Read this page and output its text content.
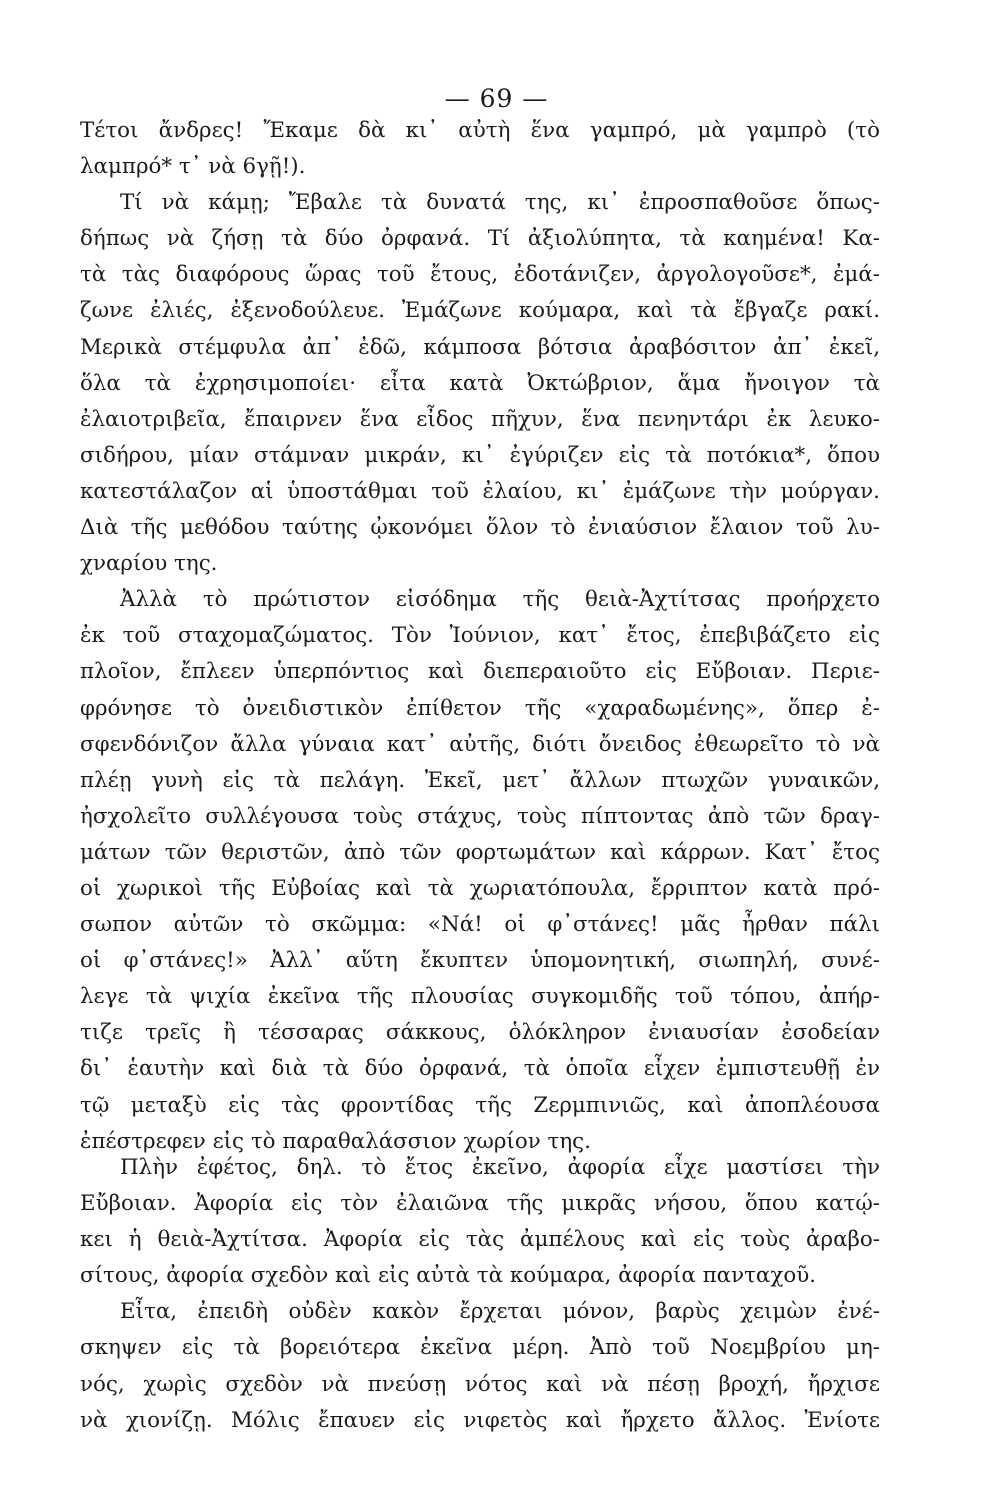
— 69 —
Τέτοι ἄνδρες! Ἔκαμε δὰ κι᾽ αὐτὴ ἕνα γαμπρό, μὰ γαμπρὸ (τὸ
λαμπρό* τ᾽ νὰ 6γῇ!).
Τί νὰ κάμῃ; Ἔβαλε τὰ δυνατά της, κι᾽ ἐπροσπαθοῦσε ὅπως-
δήπως νὰ ζήσῃ τὰ δύο ὀρφανά. Τί ἀξιολύπητα, τὰ καημένα! Κα-
τὰ τὰς διαφόρους ὥρας τοῦ ἔτους, ἐδοτάνιζεν, ἀργολογοῦσε*, ἐμά-
ζωνε ἐλιές, ἐξενοδούλευε. Ἐμάζωνε κούμαρα, καὶ τὰ ἔβγαζε ρακί.
Μερικὰ στέμφυλα ἀπ᾽ ἐδῶ, κάμποσα βότσια ἀραβόσιτον ἀπ᾽ ἐκεῖ,
ὅλα τὰ ἐχρησιμοποίει· εἶτα κατὰ Ὀκτώβριον, ἅμα ἤνοιγον τὰ
ἐλαιοτριβεῖα, ἔπαιρνεν ἕνα εἶδος πῆχυν, ἕνα πενηντάρι ἐκ λευκο-
σιδήρου, μίαν στάμναν μικράν, κι᾽ ἐγύριζεν εἰς τὰ ποτόκια*, ὅπου
κατεστάλαζον αἱ ὑποστάθμαι τοῦ ἐλαίου, κι᾽ ἐμάζωνε τὴν μούργαν.
Διὰ τῆς μεθόδου ταύτης ᾠκονόμει ὅλον τὸ ἐνιαύσιον ἔλαιον τοῦ λυ-
χναρίου της.
Ἀλλὰ τὸ πρώτιστον εἰσόδημα τῆς θειὰ-Ἀχτίτσας προήρχετο
ἐκ τοῦ σταχομαζώματος. Τὸν Ἰούνιον, κατ᾽ ἔτος, ἐπεβιβάζετο εἰς
πλοῖον, ἔπλεεν ὑπερπόντιος καὶ διεπεραιοῦτο εἰς Εὔβοιαν. Περιε-
φρόνησε τὸ ὀνειδιστικὸν ἐπίθετον τῆς «χαραδωμένης», ὅπερ ἐ-
σφενδόνιζον ἄλλα γύναια κατ᾽ αὐτῆς, διότι ὄνειδος ἐθεωρεῖτο τὸ νὰ
πλέῃ γυνὴ εἰς τὰ πελάγη. Ἐκεῖ, μετ᾽ ἄλλων πτωχῶν γυναικῶν,
ἠσχολεῖτο συλλέγουσα τοὺς στάχυς, τοὺς πίπτοντας ἀπὸ τῶν δραγ-
μάτων τῶν θεριστῶν, ἀπὸ τῶν φορτωμάτων καὶ κάρρων. Κατ᾽ ἔτος
οἱ χωρικοὶ τῆς Εὐβοίας καὶ τὰ χωριατόπουλα, ἔρριπτον κατὰ πρό-
σωπον αὐτῶν τὸ σκῶμμα: «Νά! οἱ φ᾽στάνες! μᾶς ἦρθαν πάλι
οἱ φ᾽στάνες!» Ἀλλ᾽ αὕτη ἔκυπτεν ὑπομονητική, σιωπηλή, συνέ-
λεγε τὰ ψιχία ἐκεῖνα τῆς πλουσίας συγκομιδῆς τοῦ τόπου, ἀπήρ-
τιζε τρεῖς ἢ τέσσαρας σάκκους, ὁλόκληρον ἐνιαυσίαν ἐσοδείαν
δι᾽ ἑαυτὴν καὶ διὰ τὰ δύο ὀρφανά, τὰ ὁποῖα εἶχεν ἐμπιστευθῇ ἐν
τῷ μεταξὺ εἰς τὰς φροντίδας τῆς Ζερμπινιῶς, καὶ ἀποπλέουσα
ἐπέστρεφεν εἰς τὸ παραθαλάσσιον χωρίον της.
Πλὴν ἐφέτος, δηλ. τὸ ἔτος ἐκεῖνο, ἀφορία εἶχε μαστίσει τὴν
Εὔβοιαν. Ἀφορία εἰς τὸν ἐλαιῶνα τῆς μικρᾶς νήσου, ὅπου κατῴ-
κει ἡ θειὰ-Ἀχτίτσα. Ἀφορία εἰς τὰς ἀμπέλους καὶ εἰς τοὺς ἀραβο-
σίτους, ἀφορία σχεδὸν καὶ εἰς αὐτὰ τὰ κούμαρα, ἀφορία πανταχοῦ.
Εἶτα, ἐπειδὴ οὐδὲν κακὸν ἔρχεται μόνον, βαρὺς χειμὼν ἐνέ-
σκηψεν εἰς τὰ βορειότερα ἐκεῖνα μέρη. Ἀπὸ τοῦ Νοεμβρίου μη-
νός, χωρὶς σχεδὸν νὰ πνεύσῃ νότος καὶ νὰ πέσῃ βροχή, ἤρχισε
νὰ χιονίζῃ. Μόλις ἔπαυεν εἰς νιφετὸς καὶ ἤρχετο ἄλλος. Ἐνίοτε
